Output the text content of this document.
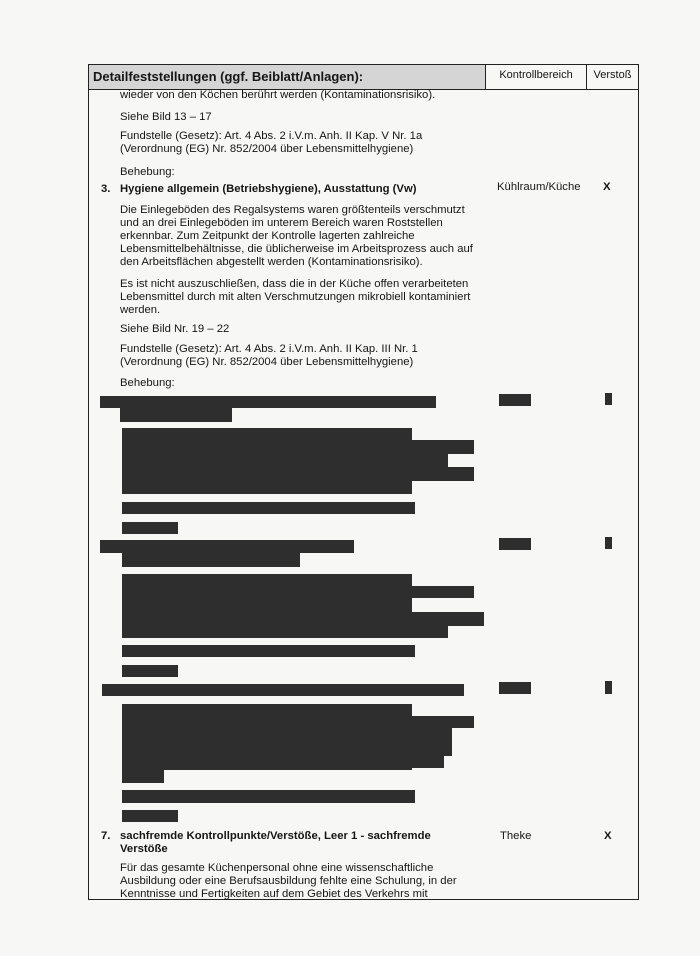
Detailfeststellungen (ggf. Beiblatt/Anlagen):	Kontrollbereich	Verstoß
wieder von den Köchen berührt werden (Kontaminationsrisiko).
Siehe Bild 13 – 17
Fundstelle (Gesetz): Art. 4 Abs. 2 i.V.m. Anh. II Kap. V Nr. 1a
(Verordnung (EG) Nr. 852/2004 über Lebensmittelhygiene)
Behebung:
3. Hygiene allgemein (Betriebshygiene), Ausstattung (Vw)	Kühlraum/Küche X
Die Einlegeböden des Regalsystems waren größtenteils verschmutzt
und an drei Einlegeböden im unterem Bereich waren Roststellen
erkennbar. Zum Zeitpunkt der Kontrolle lagerten zahlreiche
Lebensmittelbehältnisse, die üblicherweise im Arbeitsprozess auch auf
den Arbeitsflächen abgestellt werden (Kontaminationsrisiko).
Es ist nicht auszuschließen, dass die in der Küche offen verarbeiteten
Lebensmittel durch mit alten Verschmutzungen mikrobiell kontaminiert
werden.
Siehe Bild Nr. 19 – 22
Fundstelle (Gesetz): Art. 4 Abs. 2 i.V.m. Anh. II Kap. III Nr. 1
(Verordnung (EG) Nr. 852/2004 über Lebensmittelhygiene)
Behebung:
7. sachfremde Kontrollpunkte/Verstöße, Leer 1 - sachfremde
Verstöße
Theke	X
Für das gesamte Küchenpersonal ohne eine wissenschaftliche
Ausbildung oder eine Berufsausbildung fehlte eine Schulung, in der
Kenntnisse und Fertigkeiten auf dem Gebiet des Verkehrs mit
